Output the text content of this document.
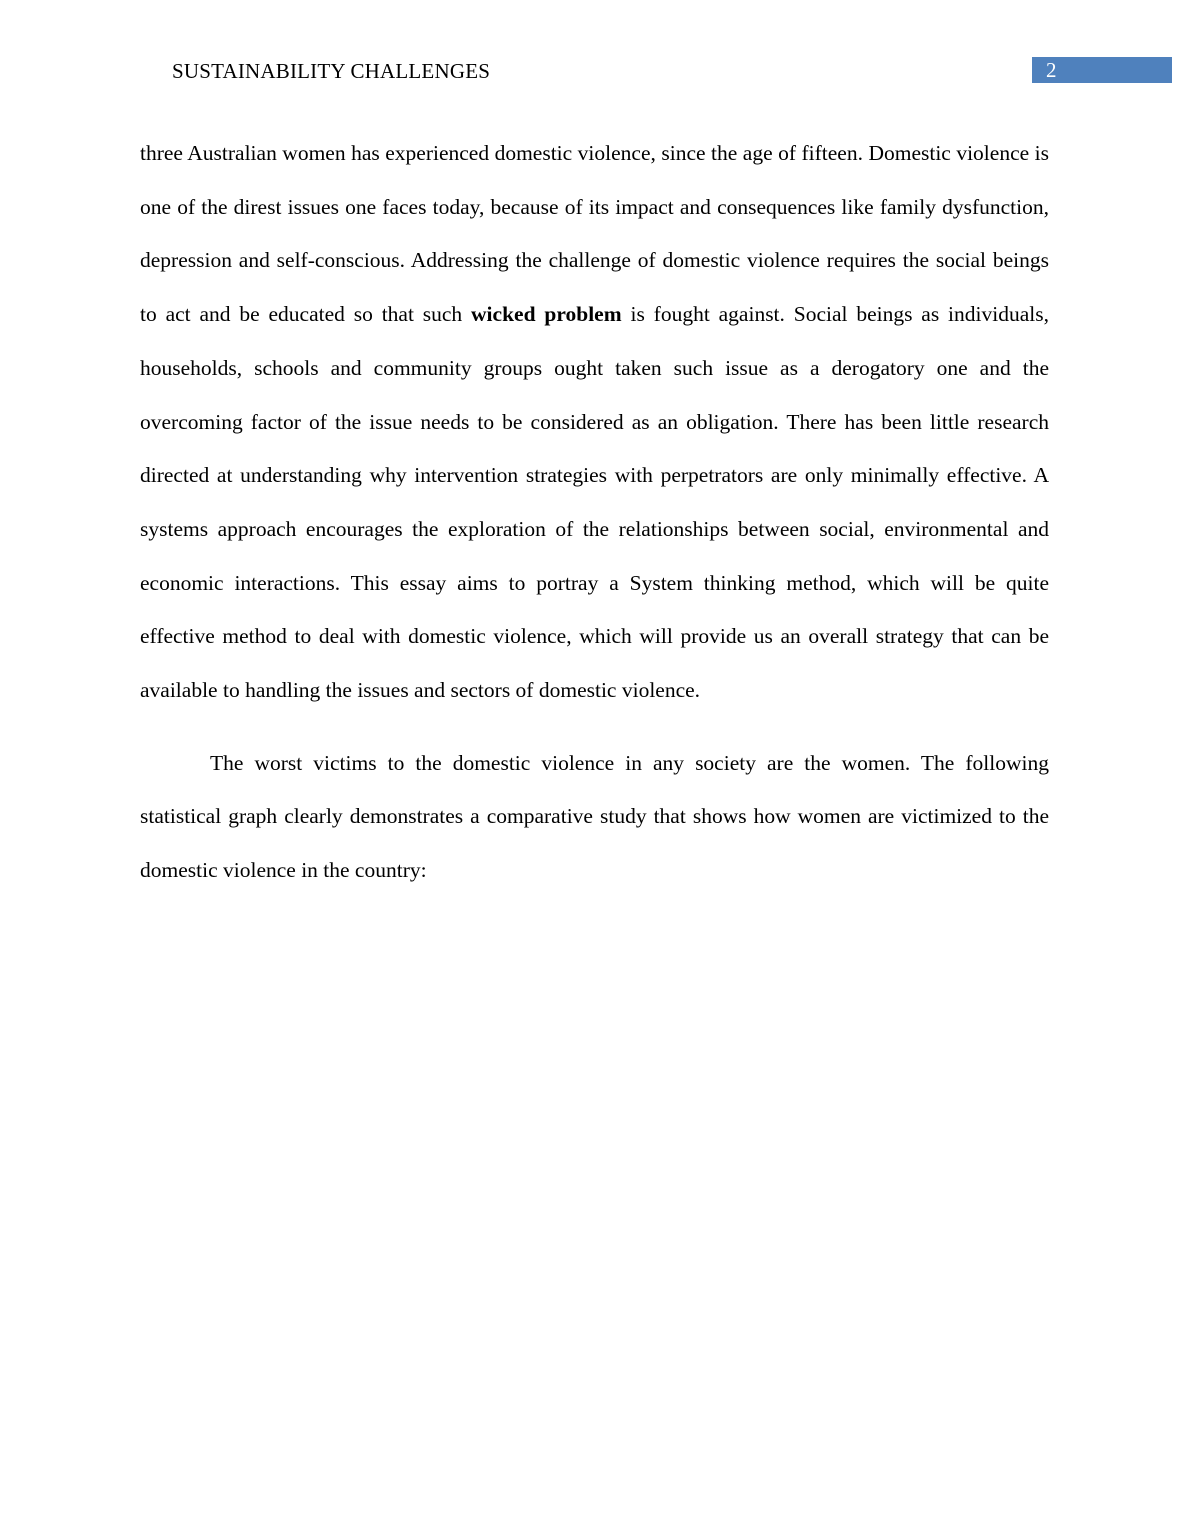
SUSTAINABILITY CHALLENGES	2

three Australian women has experienced domestic violence, since the age of fifteen. Domestic violence is one of the direst issues one faces today, because of its impact and consequences like family dysfunction, depression and self-conscious. Addressing the challenge of domestic violence requires the social beings to act and be educated so that such wicked problem is fought against. Social beings as individuals, households, schools and community groups ought taken such issue as a derogatory one and the overcoming factor of the issue needs to be considered as an obligation. There has been little research directed at understanding why intervention strategies with perpetrators are only minimally effective. A systems approach encourages the exploration of the relationships between social, environmental and economic interactions. This essay aims to portray a System thinking method, which will be quite effective method to deal with domestic violence, which will provide us an overall strategy that can be available to handling the issues and sectors of domestic violence.

The worst victims to the domestic violence in any society are the women. The following statistical graph clearly demonstrates a comparative study that shows how women are victimized to the domestic violence in the country:
